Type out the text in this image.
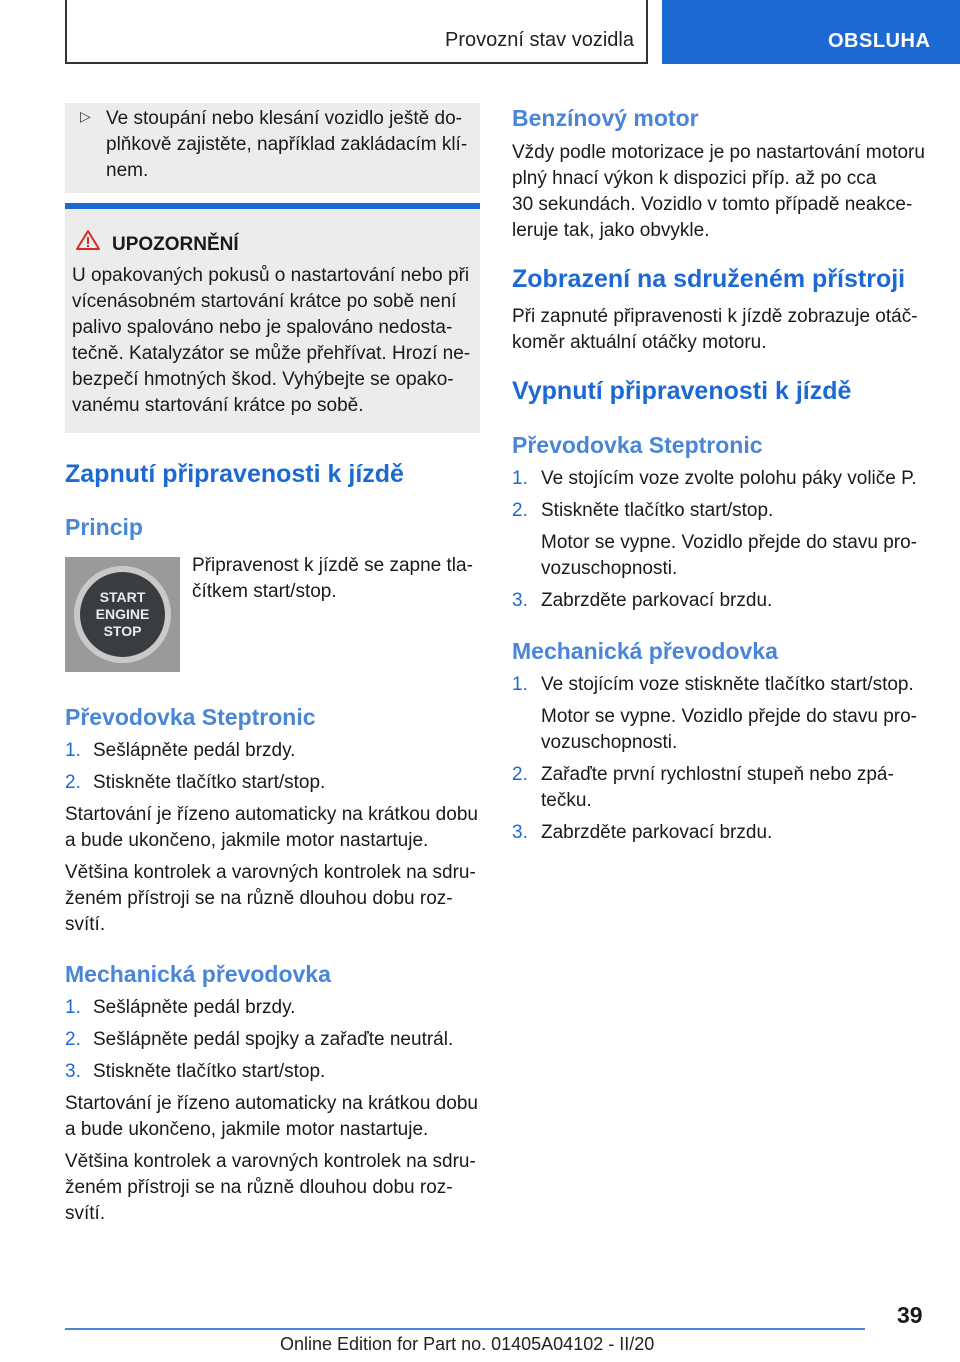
Provozní stav vozidla	OBSLUHA
▷ Ve stoupání nebo klesání vozidlo ještě do-

plňkově zajistěte, například zakládacím klí-

nem.

UPOZORNĚNÍ

U opakovaných pokusů o nastartování nebo při

vícenásobném startování krátce po sobě není

palivo spalováno nebo je spalováno nedosta-

tečně. Katalyzátor se může přehřívat. Hrozí ne-

bezpečí hmotných škod. Vyhýbejte se opako-

vanému startování krátce po sobě.

Zapnutí připravenosti k jízdě
Princip
START
ENGINE
STOP

Připravenost k jízdě se zapne tla-

čítkem start/stop.

Převodovka Steptronic
1. Sešlápněte pedál brzdy.

2. Stiskněte tlačítko start/stop.

Startování je řízeno automaticky na krátkou dobu

a bude ukončeno, jakmile motor nastartuje.

Většina kontrolek a varovných kontrolek na sdru-

ženém přístroji se na různě dlouhou dobu roz-

svítí.

Mechanická převodovka
1. Sešlápněte pedál brzdy.

2. Sešlápněte pedál spojky a zařaďte neutrál.

3. Stiskněte tlačítko start/stop.

Startování je řízeno automaticky na krátkou dobu

a bude ukončeno, jakmile motor nastartuje.

Většina kontrolek a varovných kontrolek na sdru-

ženém přístroji se na různě dlouhou dobu roz-

svítí.

Benzínový motor

Vždy podle motorizace je po nastartování motoru

plný hnací výkon k dispozici příp. až po cca

30 sekundách. Vozidlo v tomto případě neakce-

leruje tak, jako obvykle.

Zobrazení na sdruženém přístroji

Při zapnuté připravenosti k jízdě zobrazuje otáč-

koměr aktuální otáčky motoru.

Vypnutí připravenosti k jízdě
Převodovka Steptronic
1. Ve stojícím voze zvolte polohu páky voliče P.

2. Stiskněte tlačítko start/stop.

Motor se vypne. Vozidlo přejde do stavu pro-

vozuschopnosti.

3. Zabrzděte parkovací brzdu.

Mechanická převodovka
1. Ve stojícím voze stiskněte tlačítko start/stop.

Motor se vypne. Vozidlo přejde do stavu pro-

vozuschopnosti.

2. Zařaďte první rychlostní stupeň nebo zpá-

tečku.

3. Zabrzděte parkovací brzdu.

39
Online Edition for Part no. 01405A04102 - II/20
